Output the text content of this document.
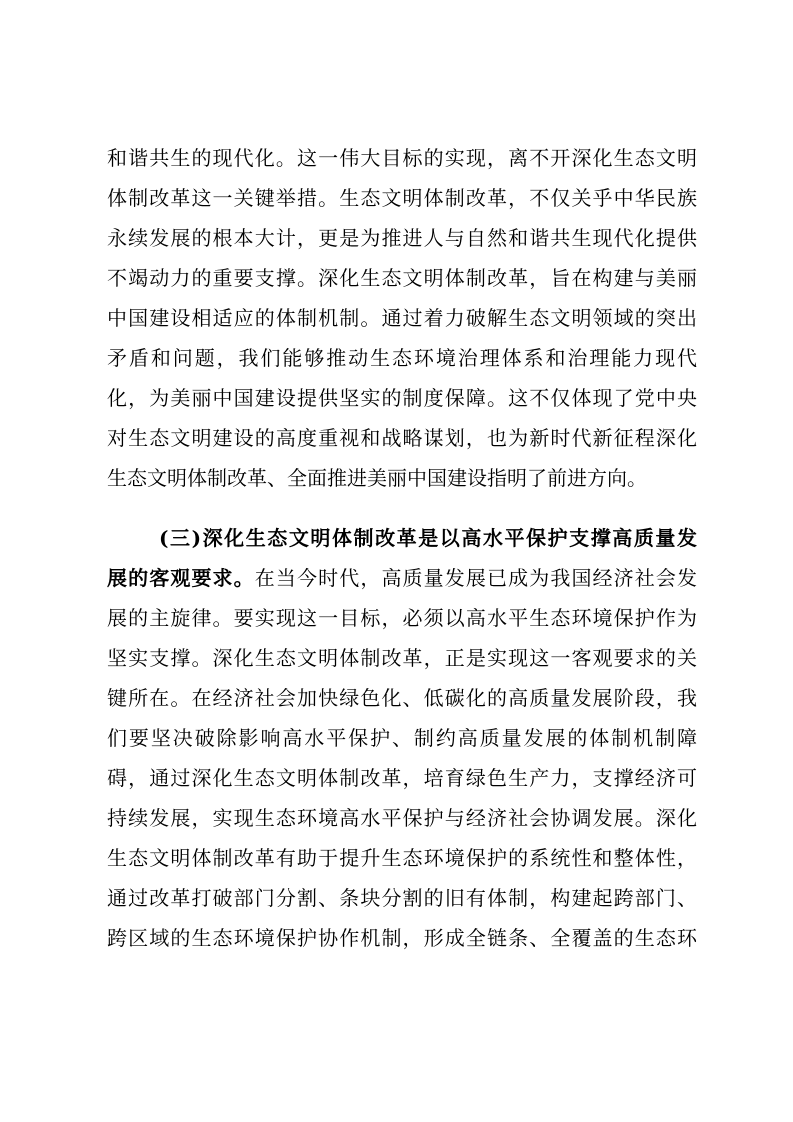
和谐共生的现代化。这一伟大目标的实现，离不开深化生态文明
体制改革这一关键举措。生态文明体制改革，不仅关乎中华民族
永续发展的根本大计，更是为推进人与自然和谐共生现代化提供
不竭动力的重要支撑。深化生态文明体制改革，旨在构建与美丽
中国建设相适应的体制机制。通过着力破解生态文明领域的突出
矛盾和问题，我们能够推动生态环境治理体系和治理能力现代
化，为美丽中国建设提供坚实的制度保障。这不仅体现了党中央
对生态文明建设的高度重视和战略谋划，也为新时代新征程深化
生态文明体制改革、全面推进美丽中国建设指明了前进方向。
(三)深化生态文明体制改革是以高水平保护支撑高质量发
展的客观要求。在当今时代，高质量发展已成为我国经济社会发
展的主旋律。要实现这一目标，必须以高水平生态环境保护作为
坚实支撑。深化生态文明体制改革，正是实现这一客观要求的关
键所在。在经济社会加快绿色化、低碳化的高质量发展阶段，我
们要坚决破除影响高水平保护、制约高质量发展的体制机制障
碍，通过深化生态文明体制改革，培育绿色生产力，支撑经济可
持续发展，实现生态环境高水平保护与经济社会协调发展。深化
生态文明体制改革有助于提升生态环境保护的系统性和整体性，
通过改革打破部门分割、条块分割的旧有体制，构建起跨部门、
跨区域的生态环境保护协作机制，形成全链条、全覆盖的生态环
